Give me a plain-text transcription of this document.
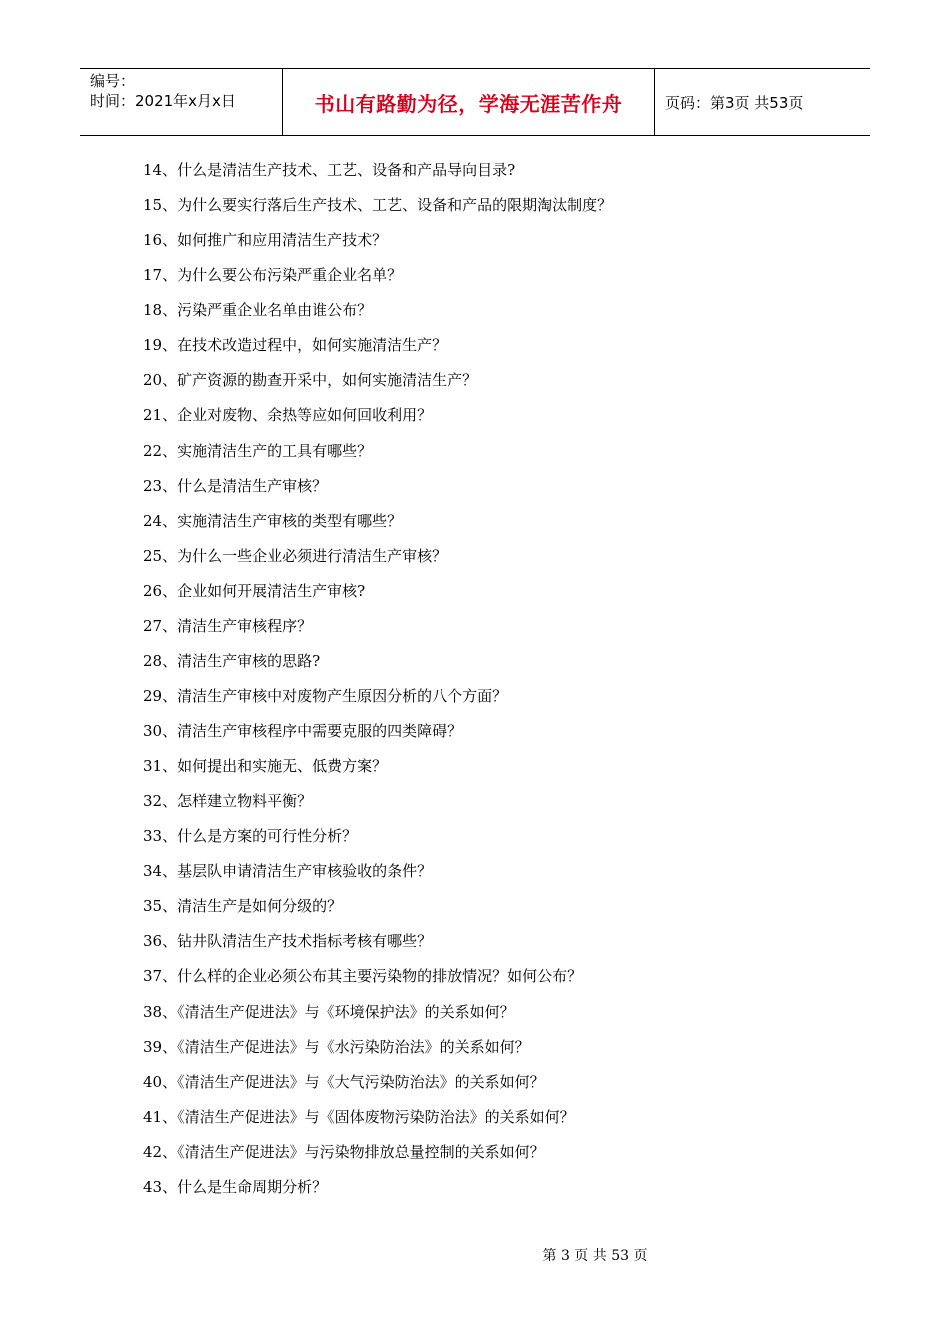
编号：
时间：2021年x月x日	书山有路勤为径，学海无涯苦作舟	页码：第3页 共53页
14、什么是清洁生产技术、工艺、设备和产品导向目录?
15、为什么要实行落后生产技术、工艺、设备和产品的限期淘汰制度？
16、如何推广和应用清洁生产技术？
17、为什么要公布污染严重企业名单？
18、污染严重企业名单由谁公布？
19、在技术改造过程中，如何实施清洁生产？
20、矿产资源的勘查开采中，如何实施清洁生产？
21、企业对废物、余热等应如何回收利用？
22、实施清洁生产的工具有哪些？
23、什么是清洁生产审核？
24、实施清洁生产审核的类型有哪些？
25、为什么一些企业必须进行清洁生产审核？
26、企业如何开展清洁生产审核?
27、清洁生产审核程序？
28、清洁生产审核的思路?
29、清洁生产审核中对废物产生原因分析的八个方面？
30、清洁生产审核程序中需要克服的四类障碍？
31、如何提出和实施无、低费方案？
32、怎样建立物料平衡？
33、什么是方案的可行性分析？
34、基层队申请清洁生产审核验收的条件？
35、清洁生产是如何分级的？
36、钻井队清洁生产技术指标考核有哪些？
37、什么样的企业必须公布其主要污染物的排放情况？如何公布？
38、《清洁生产促进法》与《环境保护法》的关系如何？
39、《清洁生产促进法》与《水污染防治法》的关系如何？
40、《清洁生产促进法》与《大气污染防治法》的关系如何？
41、《清洁生产促进法》与《固体废物污染防治法》的关系如何？
42、《清洁生产促进法》与污染物排放总量控制的关系如何？
43、什么是生命周期分析？
第 3 页 共 53 页
